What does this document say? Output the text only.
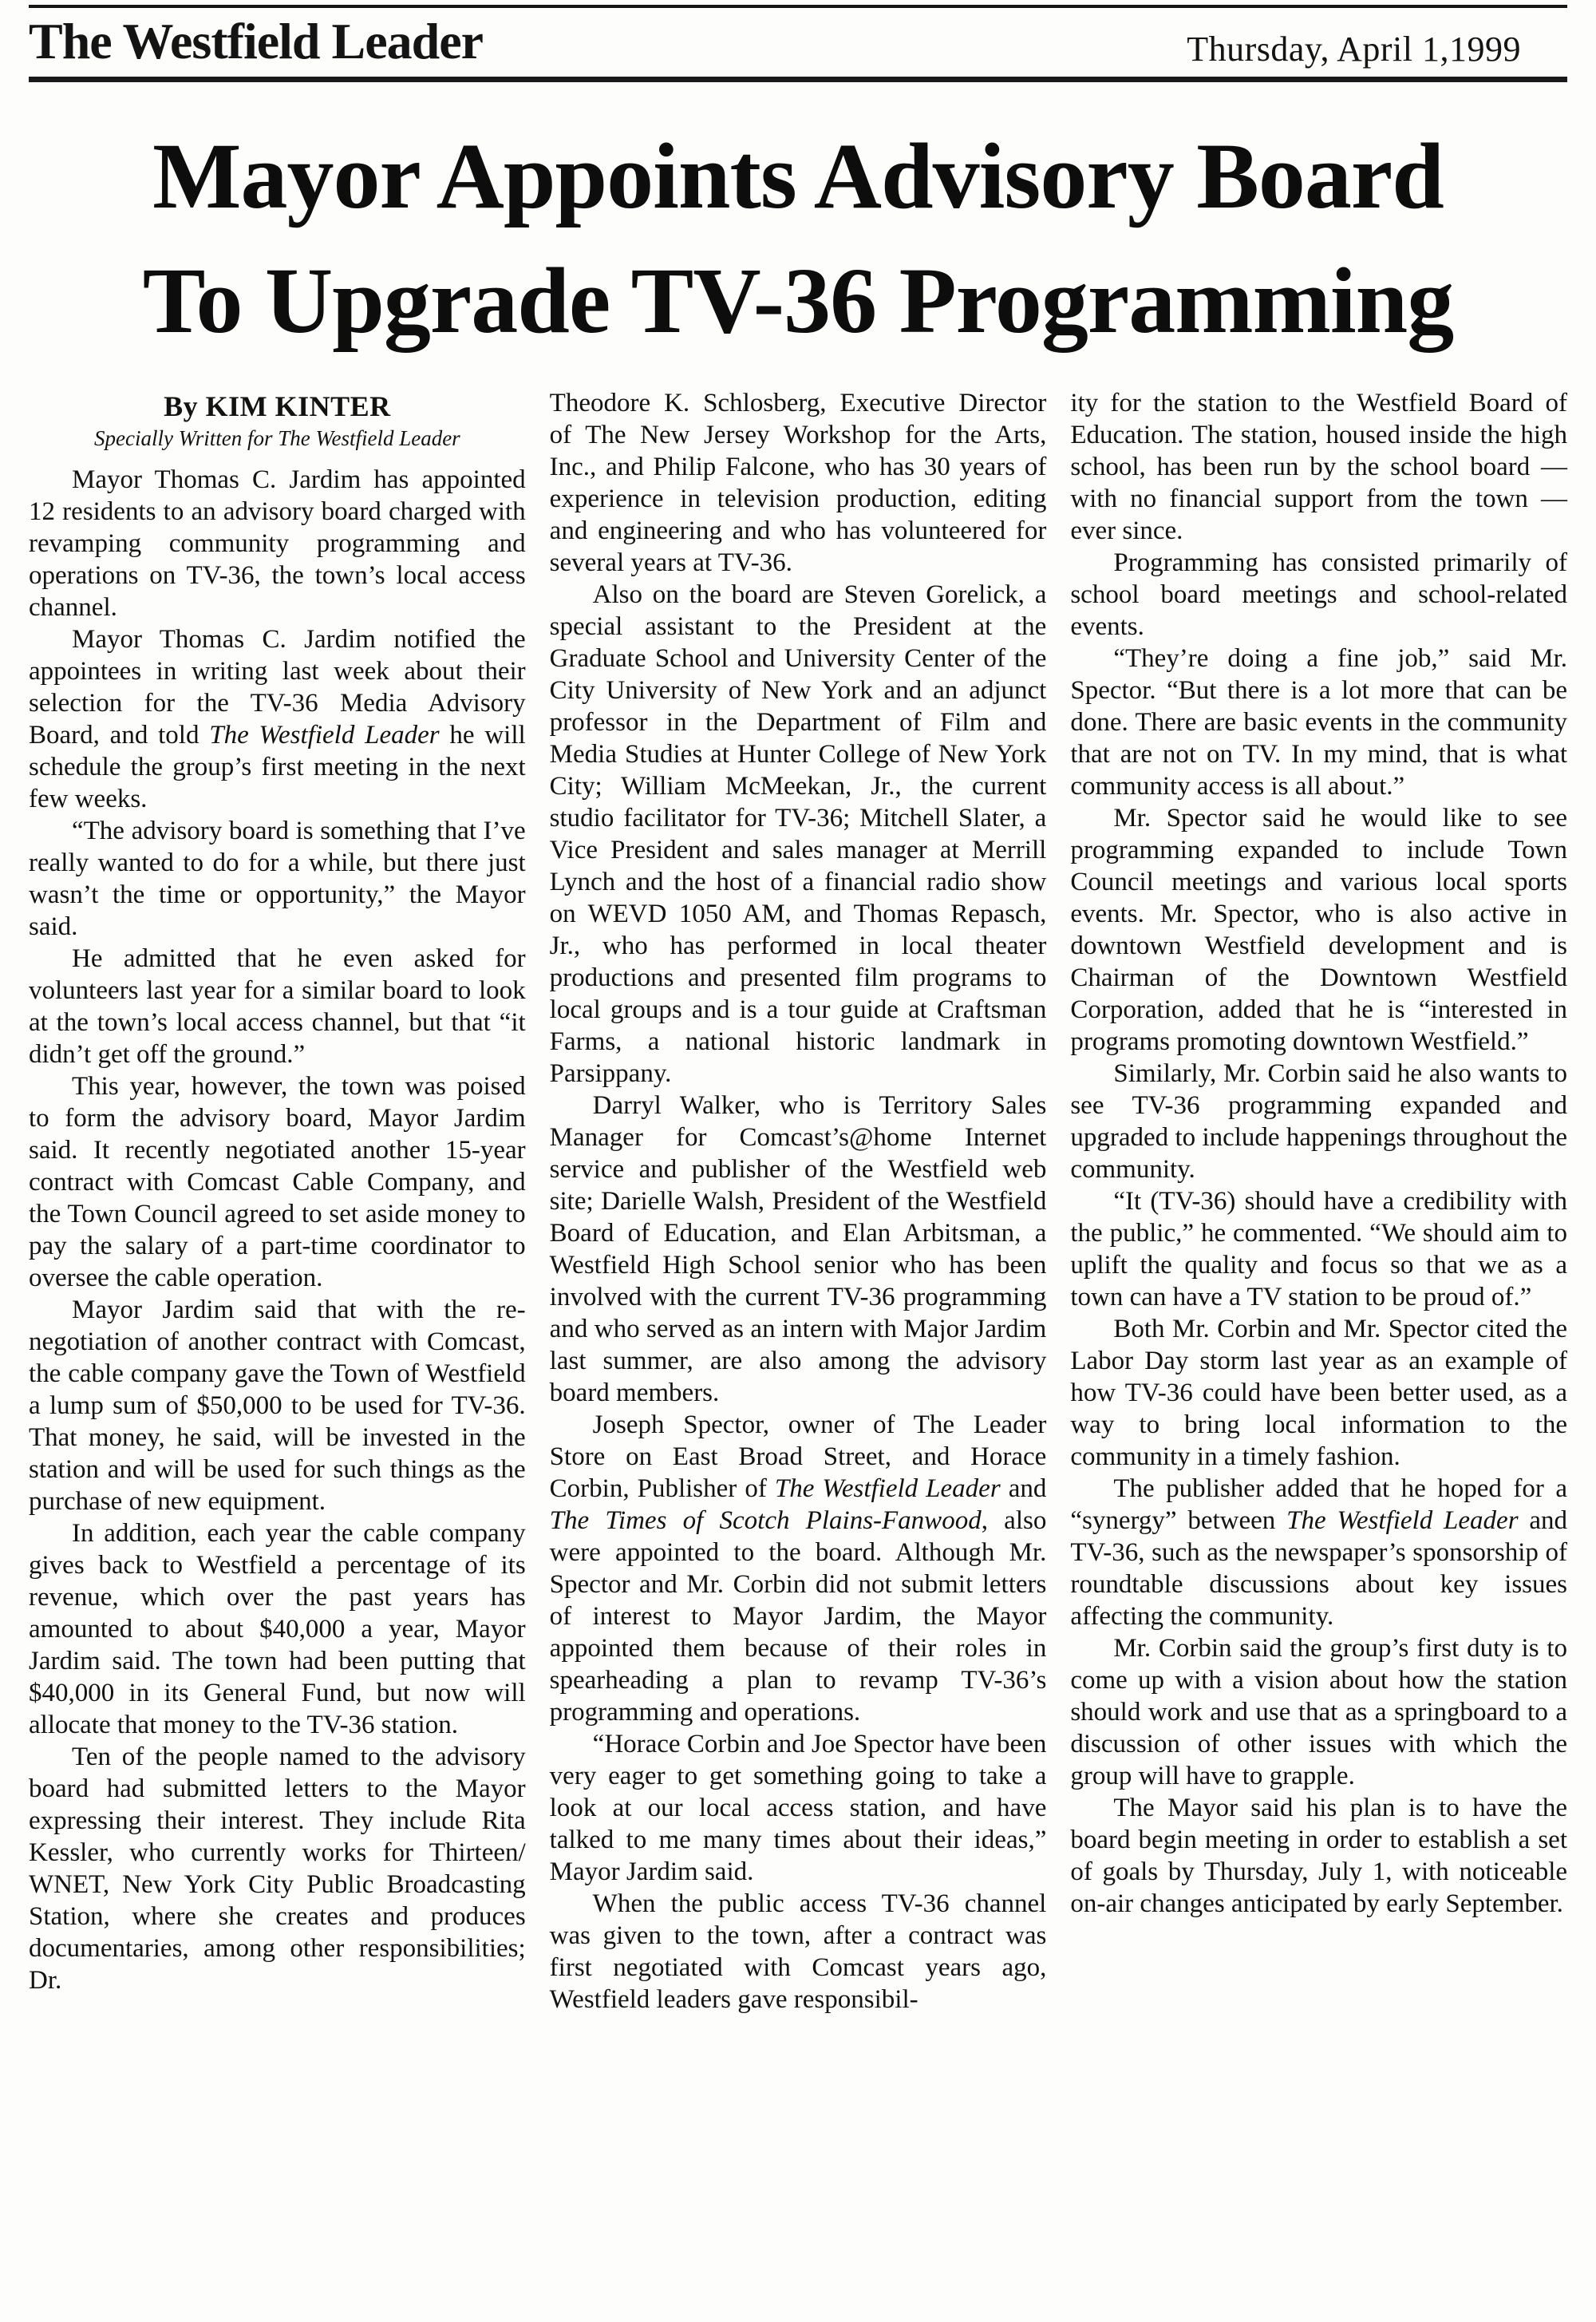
The Westfield Leader	Thursday, April 1,1999
Mayor Appoints Advisory Board
To Upgrade TV-36 Programming
By KIM KINTER
Specially Written for The Westfield Leader

Mayor Thomas C. Jardim has appointed 12 residents to an advisory board charged with revamping community programming and operations on TV-36, the town’s local access channel.

Mayor Thomas C. Jardim notified the appointees in writing last week about their selection for the TV-36 Media Advisory Board, and told The Westfield Leader he will schedule the group’s first meeting in the next few weeks.

“The advisory board is something that I’ve really wanted to do for a while, but there just wasn’t the time or opportunity,” the Mayor said.

He admitted that he even asked for volunteers last year for a similar board to look at the town’s local access channel, but that “it didn’t get off the ground.”

This year, however, the town was poised to form the advisory board, Mayor Jardim said. It recently negotiated another 15-year contract with Comcast Cable Company, and the Town Council agreed to set aside money to pay the salary of a part-time coordinator to oversee the cable operation.

Mayor Jardim said that with the re-negotiation of another contract with Comcast, the cable company gave the Town of Westfield a lump sum of $50,000 to be used for TV-36. That money, he said, will be invested in the station and will be used for such things as the purchase of new equipment.

In addition, each year the cable company gives back to Westfield a percentage of its revenue, which over the past years has amounted to about $40,000 a year, Mayor Jardim said. The town had been putting that $40,000 in its General Fund, but now will allocate that money to the TV-36 station.

Ten of the people named to the advisory board had submitted letters to the Mayor expressing their interest. They include Rita Kessler, who currently works for Thirteen/ WNET, New York City Public Broadcasting Station, where she creates and produces documentaries, among other responsibilities; Dr.

Theodore K. Schlosberg, Executive Director of The New Jersey Workshop for the Arts, Inc., and Philip Falcone, who has 30 years of experience in television production, editing and engineering and who has volunteered for several years at TV-36.

Also on the board are Steven Gorelick, a special assistant to the President at the Graduate School and University Center of the City University of New York and an adjunct professor in the Department of Film and Media Studies at Hunter College of New York City; William McMeekan, Jr., the current studio facilitator for TV-36; Mitchell Slater, a Vice President and sales manager at Merrill Lynch and the host of a financial radio show on WEVD 1050 AM, and Thomas Repasch, Jr., who has performed in local theater productions and presented film programs to local groups and is a tour guide at Craftsman Farms, a national historic landmark in Parsippany.

Darryl Walker, who is Territory Sales Manager for Comcast’s@home Internet service and publisher of the Westfield web site; Darielle Walsh, President of the Westfield Board of Education, and Elan Arbitsman, a Westfield High School senior who has been involved with the current TV-36 programming and who served as an intern with Major Jardim last summer, are also among the advisory board members.

Joseph Spector, owner of The Leader Store on East Broad Street, and Horace Corbin, Publisher of The Westfield Leader and The Times of Scotch Plains-Fanwood, also were appointed to the board. Although Mr. Spector and Mr. Corbin did not submit letters of interest to Mayor Jardim, the Mayor appointed them because of their roles in spearheading a plan to revamp TV-36’s programming and operations.

“Horace Corbin and Joe Spector have been very eager to get something going to take a look at our local access station, and have talked to me many times about their ideas,” Mayor Jardim said.

When the public access TV-36 channel was given to the town, after a contract was first negotiated with Comcast years ago, Westfield leaders gave responsibil-

ity for the station to the Westfield Board of Education. The station, housed inside the high school, has been run by the school board — with no financial support from the town — ever since.

Programming has consisted primarily of school board meetings and school-related events.

“They’re doing a fine job,” said Mr. Spector. “But there is a lot more that can be done. There are basic events in the community that are not on TV. In my mind, that is what community access is all about.”

Mr. Spector said he would like to see programming expanded to include Town Council meetings and various local sports events. Mr. Spector, who is also active in downtown Westfield development and is Chairman of the Downtown Westfield Corporation, added that he is “interested in programs promoting downtown Westfield.”

Similarly, Mr. Corbin said he also wants to see TV-36 programming expanded and upgraded to include happenings throughout the community.

“It (TV-36) should have a credibility with the public,” he commented. “We should aim to uplift the quality and focus so that we as a town can have a TV station to be proud of.”

Both Mr. Corbin and Mr. Spector cited the Labor Day storm last year as an example of how TV-36 could have been better used, as a way to bring local information to the community in a timely fashion.

The publisher added that he hoped for a “synergy” between The Westfield Leader and TV-36, such as the newspaper’s sponsorship of roundtable discussions about key issues affecting the community.

Mr. Corbin said the group’s first duty is to come up with a vision about how the station should work and use that as a springboard to a discussion of other issues with which the group will have to grapple.

The Mayor said his plan is to have the board begin meeting in order to establish a set of goals by Thursday, July 1, with noticeable on-air changes anticipated by early September.
